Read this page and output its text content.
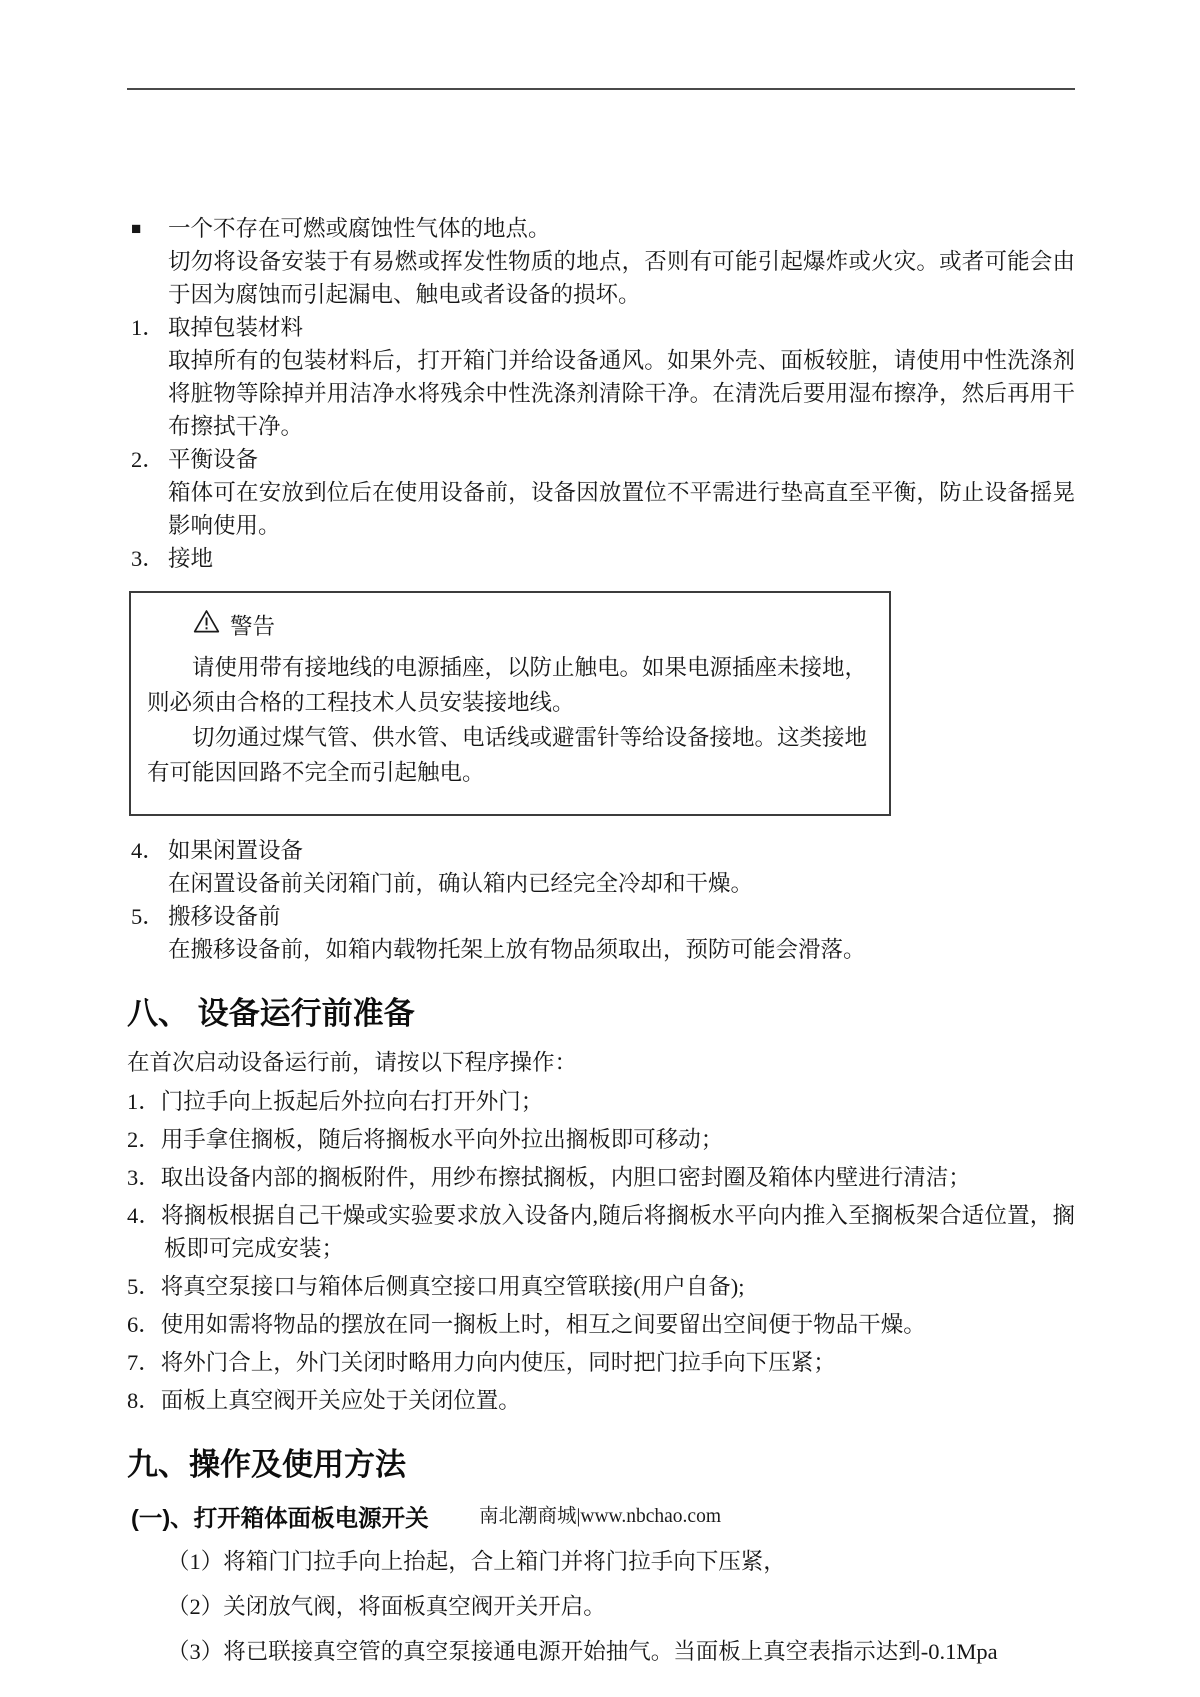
■	一个不存在可燃或腐蚀性气体的地点。
切勿将设备安装于有易燃或挥发性物质的地点，否则有可能引起爆炸或火灾。或者可能会由于因为腐蚀而引起漏电、触电或者设备的损坏。
1． 取掉包装材料
取掉所有的包装材料后，打开箱门并给设备通风。如果外壳、面板较脏，请使用中性洗涤剂将脏物等除掉并用洁净水将残余中性洗涤剂清除干净。在清洗后要用湿布擦净，然后再用干布擦拭干净。
2． 平衡设备
箱体可在安放到位后在使用设备前，设备因放置位不平需进行垫高直至平衡，防止设备摇晃影响使用。
3． 接地
警告

请使用带有接地线的电源插座，以防止触电。如果电源插座未接地，则必须由合格的工程技术人员安装接地线。

切勿通过煤气管、供水管、电话线或避雷针等给设备接地。这类接地有可能因回路不完全而引起触电。

4． 如果闲置设备
在闲置设备前关闭箱门前，确认箱内已经完全冷却和干燥。
5． 搬移设备前
在搬移设备前，如箱内载物托架上放有物品须取出，预防可能会滑落。
八、 设备运行前准备
在首次启动设备运行前，请按以下程序操作：
1．门拉手向上扳起后外拉向右打开外门；
2．用手拿住搁板，随后将搁板水平向外拉出搁板即可移动；
3．取出设备内部的搁板附件，用纱布擦拭搁板，内胆口密封圈及箱体内壁进行清洁；
4．将搁板根据自己干燥或实验要求放入设备内,随后将搁板水平向内推入至搁板架合适位置，搁板即可完成安装；
5．将真空泵接口与箱体后侧真空接口用真空管联接(用户自备);
6．使用如需将物品的摆放在同一搁板上时，相互之间要留出空间便于物品干燥。
7．将外门合上，外门关闭时略用力向内使压，同时把门拉手向下压紧；
8．面板上真空阀开关应处于关闭位置。
九、操作及使用方法
(一)、打开箱体面板电源开关
（1）将箱门门拉手向上抬起，合上箱门并将门拉手向下压紧，
（2）关闭放气阀，将面板真空阀开关开启。
（3）将已联接真空管的真空泵接通电源开始抽气。当面板上真空表指示达到-0.1Mpa
南北潮商城|www.nbchao.com
